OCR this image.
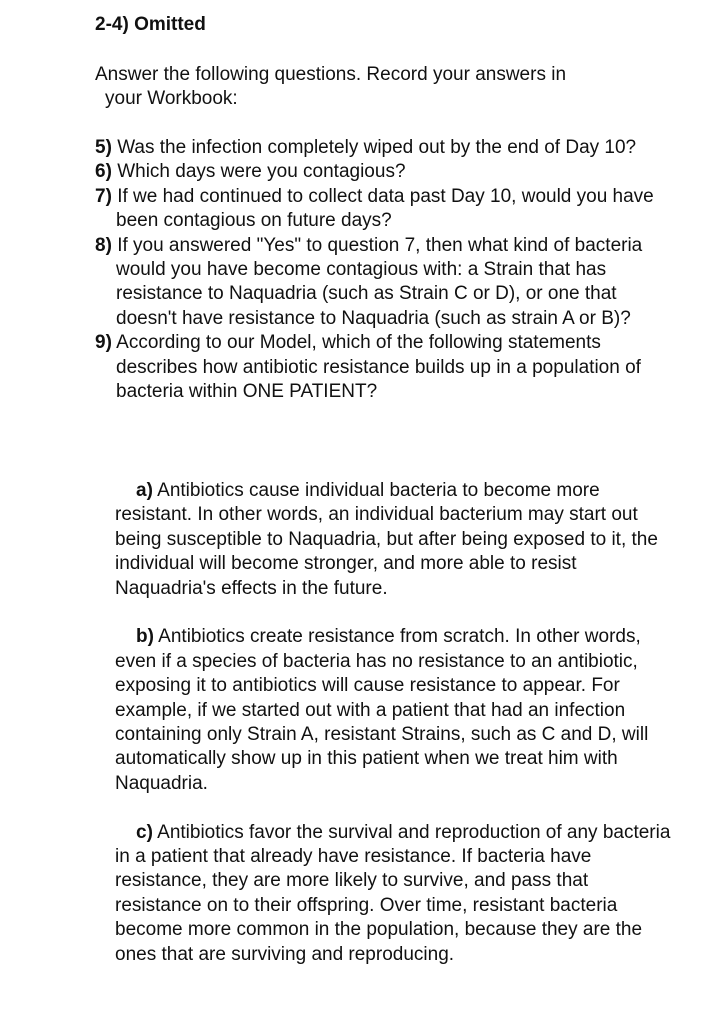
2-4) Omitted

Answer the following questions. Record your answers in
your Workbook:

5) Was the infection completely wiped out by the end of Day 10?
6) Which days were you contagious?
7) If we had continued to collect data past Day 10, would you have been contagious on future days?
8) If you answered "Yes" to question 7, then what kind of bacteria would you have become contagious with: a Strain that has resistance to Naquadria (such as Strain C or D), or one that doesn't have resistance to Naquadria (such as strain A or B)?
9) According to our Model, which of the following statements describes how antibiotic resistance builds up in a population of bacteria within ONE PATIENT?

a) Antibiotics cause individual bacteria to become more resistant. In other words, an individual bacterium may start out being susceptible to Naquadria, but after being exposed to it, the individual will become stronger, and more able to resist Naquadria's effects in the future.

b) Antibiotics create resistance from scratch. In other words, even if a species of bacteria has no resistance to an antibiotic, exposing it to antibiotics will cause resistance to appear. For example, if we started out with a patient that had an infection containing only Strain A, resistant Strains, such as C and D, will automatically show up in this patient when we treat him with Naquadria.

c) Antibiotics favor the survival and reproduction of any bacteria in a patient that already have resistance. If bacteria have resistance, they are more likely to survive, and pass that resistance on to their offspring. Over time, resistant bacteria become more common in the population, because they are the ones that are surviving and reproducing.
